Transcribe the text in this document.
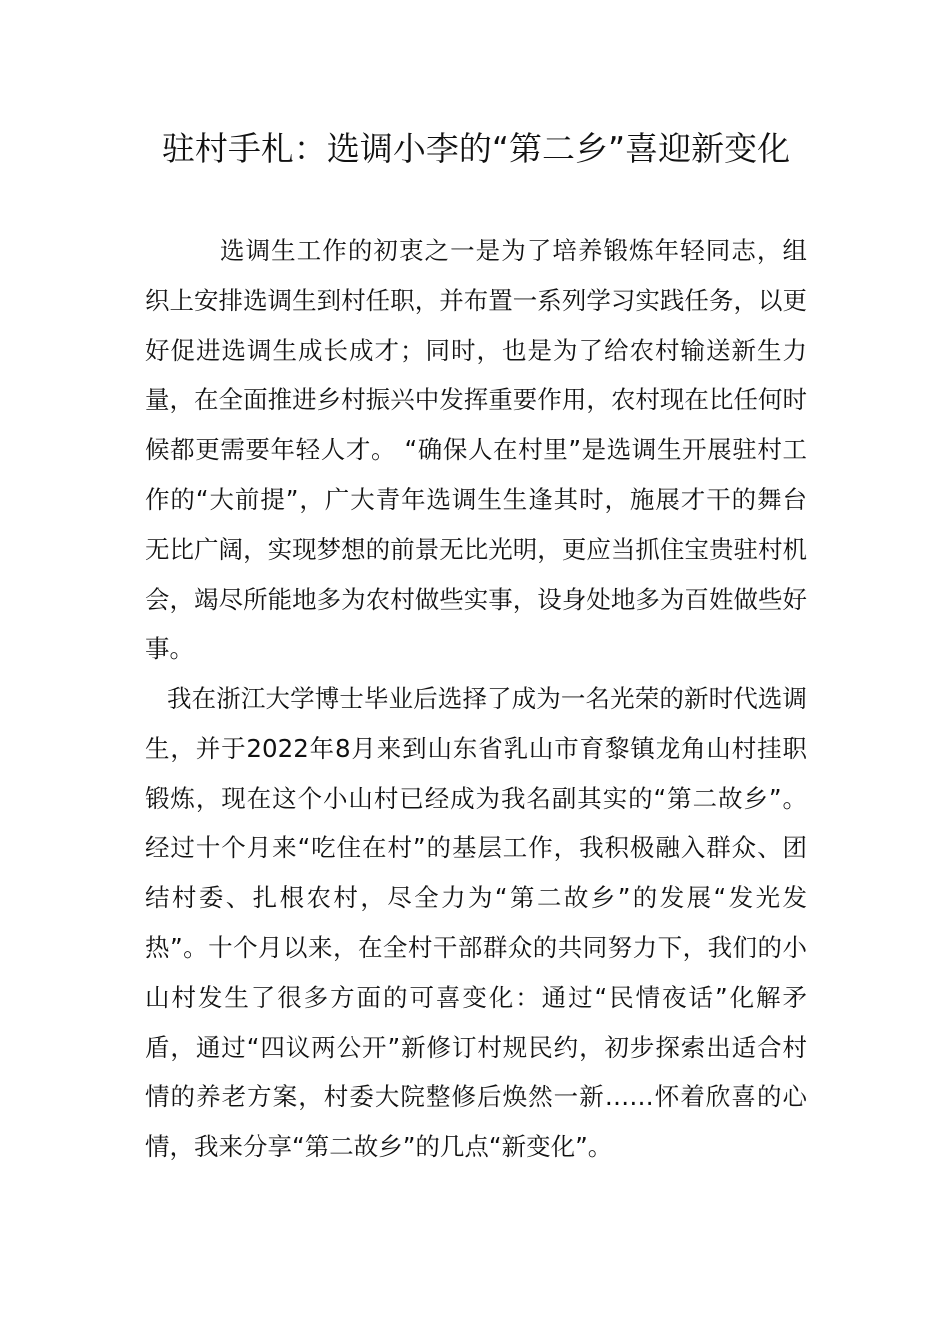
驻村手札：选调小李的“第二乡”喜迎新变化

选调生工作的初衷之一是为了培养锻炼年轻同志，组织上安排选调生到村任职，并布置一系列学习实践任务，以更好促进选调生成长成才；同时，也是为了给农村输送新生力量，在全面推进乡村振兴中发挥重要作用，农村现在比任何时候都更需要年轻人才。 “确保人在村里”是选调生开展驻村工作的“大前提”，广大青年选调生生逢其时，施展才干的舞台无比广阔，实现梦想的前景无比光明，更应当抓住宝贵驻村机会，竭尽所能地多为农村做些实事，设身处地多为百姓做些好事。

我在浙江大学博士毕业后选择了成为一名光荣的新时代选调生，并于2022年8月来到山东省乳山市育黎镇龙角山村挂职锻炼，现在这个小山村已经成为我名副其实的“第二故乡”。经过十个月来“吃住在村”的基层工作，我积极融入群众、团结村委、扎根农村，尽全力为“第二故乡”的发展“发光发热”。十个月以来，在全村干部群众的共同努力下，我们的小山村发生了很多方面的可喜变化：通过“民情夜话”化解矛盾，通过“四议两公开”新修订村规民约，初步探索出适合村情的养老方案，村委大院整修后焕然一新……怀着欣喜的心情，我来分享“第二故乡”的几点“新变化”。
